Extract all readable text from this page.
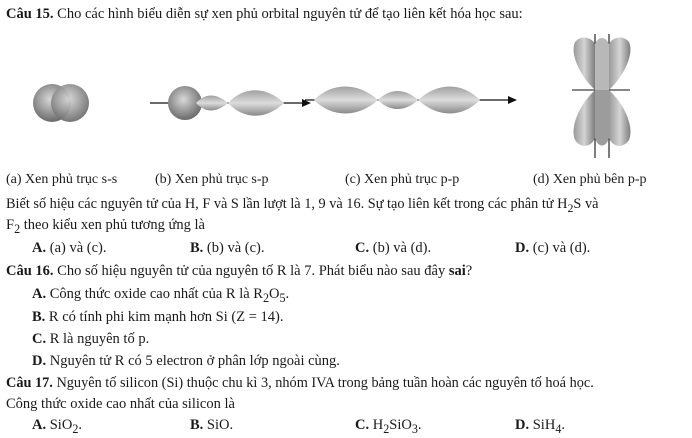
Câu 15. Cho các hình biểu diễn sự xen phủ orbital nguyên tử để tạo liên kết hóa học sau:
(a) Xen phủ trục s-s	(b) Xen phủ trục s-p	(c) Xen phủ trục p-p	(d) Xen phủ bên p-p
Biết số hiệu các nguyên tử của H, F và S lần lượt là 1, 9 và 16. Sự tạo liên kết trong các phân tử $H_2S$ và
$F_2$ theo kiểu xen phủ tương ứng là
A. (a) và (c).	B. (b) và (c).	C. (b) và (d).	D. (c) và (d).
Câu 16. Cho số hiệu nguyên tử của nguyên tố R là 7. Phát biểu nào sau đây sai?
A. Công thức oxide cao nhất của R là $R_2O_5$.
B. R có tính phi kim mạnh hơn Si (Z = 14).
C. R là nguyên tố p.
D. Nguyên tử R có 5 electron ở phân lớp ngoài cùng.
Câu 17. Nguyên tố silicon (Si) thuộc chu kì 3, nhóm IVA trong bảng tuần hoàn các nguyên tố hoá học.
Công thức oxide cao nhất của silicon là
A. SiO$_2$.	B. SiO.	C. $H_2SiO_3$.	D. SiH$_4$.
